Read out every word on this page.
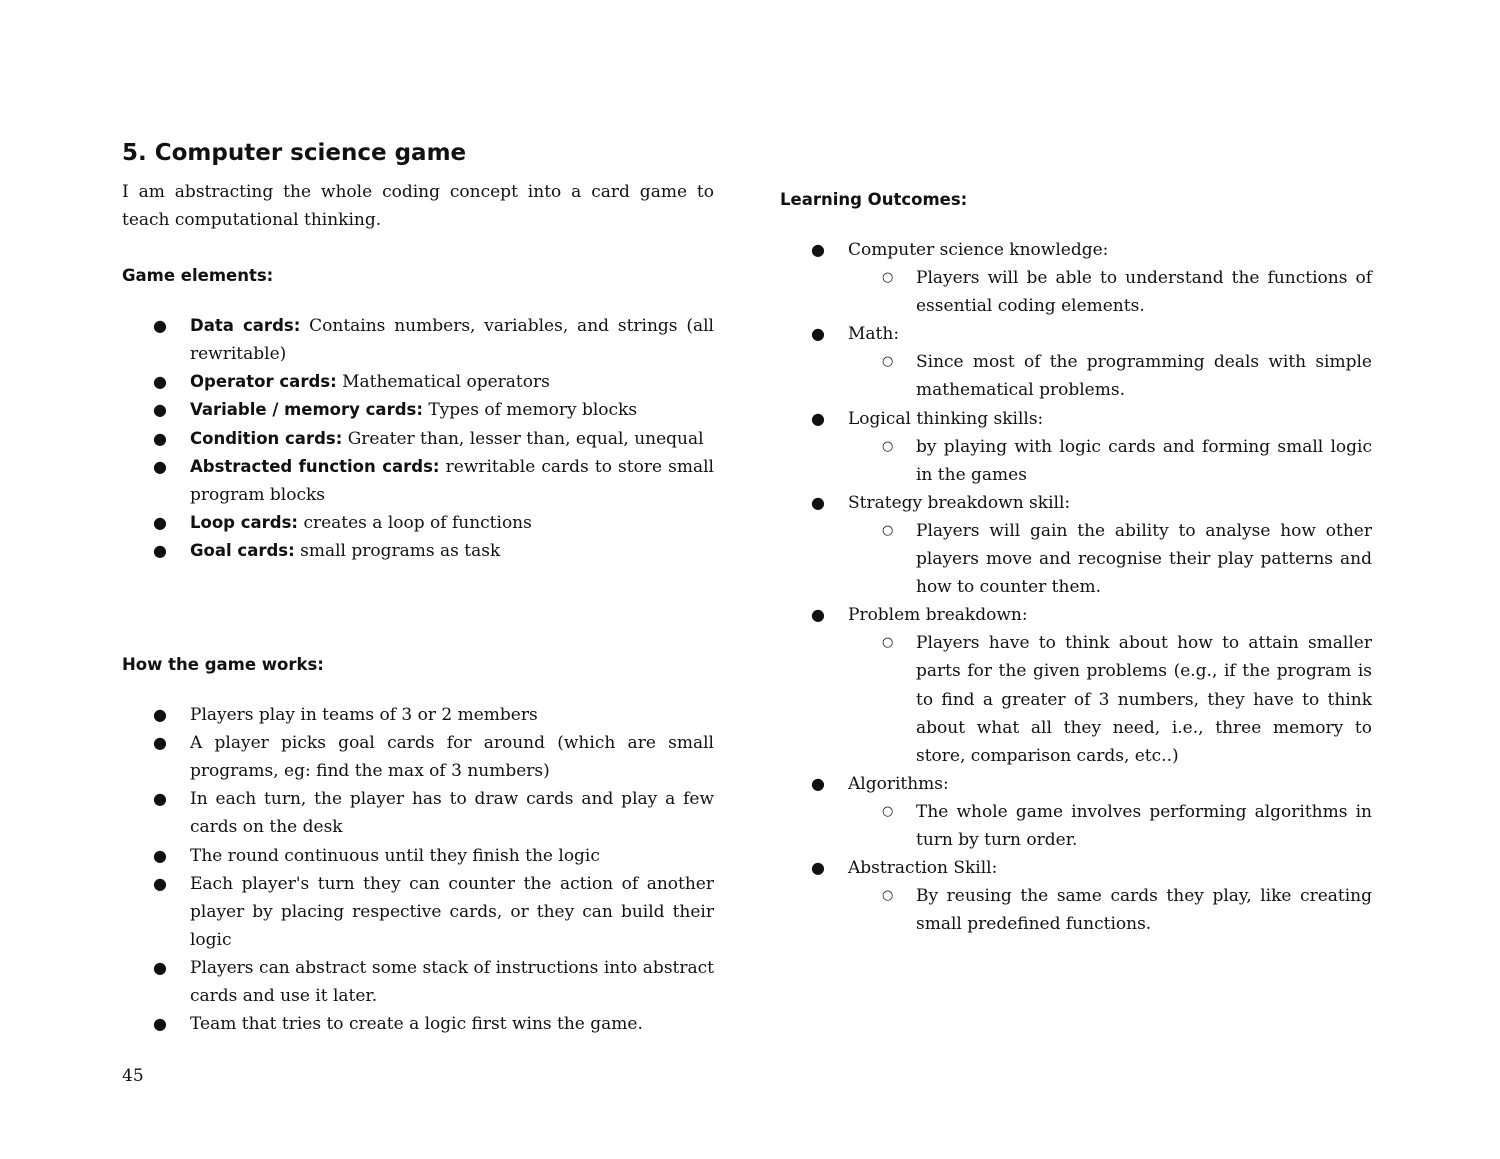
5. Computer science game

I am abstracting the whole coding concept into a card game to teach computational thinking.

Game elements:
●	Data cards: Contains numbers, variables, and strings (all rewritable)
●	Operator cards: Mathematical operators
●	Variable / memory cards: Types of memory blocks
●	Condition cards: Greater than, lesser than, equal, unequal
●	Abstracted function cards: rewritable cards to store small program blocks
●	Loop cards: creates a loop of functions
●	Goal cards: small programs as task
How the game works:
●	Players play in teams of 3 or 2 members
●	A player picks goal cards for around (which are small programs, eg: find the max of 3 numbers)
●	In each turn, the player has to draw cards and play a few cards on the desk
●	The round continuous until they finish the logic
●	Each player's turn they can counter the action of another player by placing respective cards, or they can build their logic
●	Players can abstract some stack of instructions into abstract cards and use it later.
●	Team that tries to create a logic first wins the game.
Learning Outcomes:
●	Computer science knowledge:
○	Players will be able to understand the functions of essential coding elements.
●	Math:
○	Since most of the programming deals with simple mathematical problems.
●	Logical thinking skills:
○	by playing with logic cards and forming small logic in the games
●	Strategy breakdown skill:
○	Players will gain the ability to analyse how other players move and recognise their play patterns and how to counter them.
●	Problem breakdown:
○	Players have to think about how to attain smaller parts for the given problems (e.g., if the program is to find a greater of 3 numbers, they have to think about what all they need, i.e., three memory to store, comparison cards, etc..)
●	Algorithms:
○	The whole game involves performing algorithms in turn by turn order.
●	Abstraction Skill:
○	By reusing the same cards they play, like creating small predefined functions.
45
